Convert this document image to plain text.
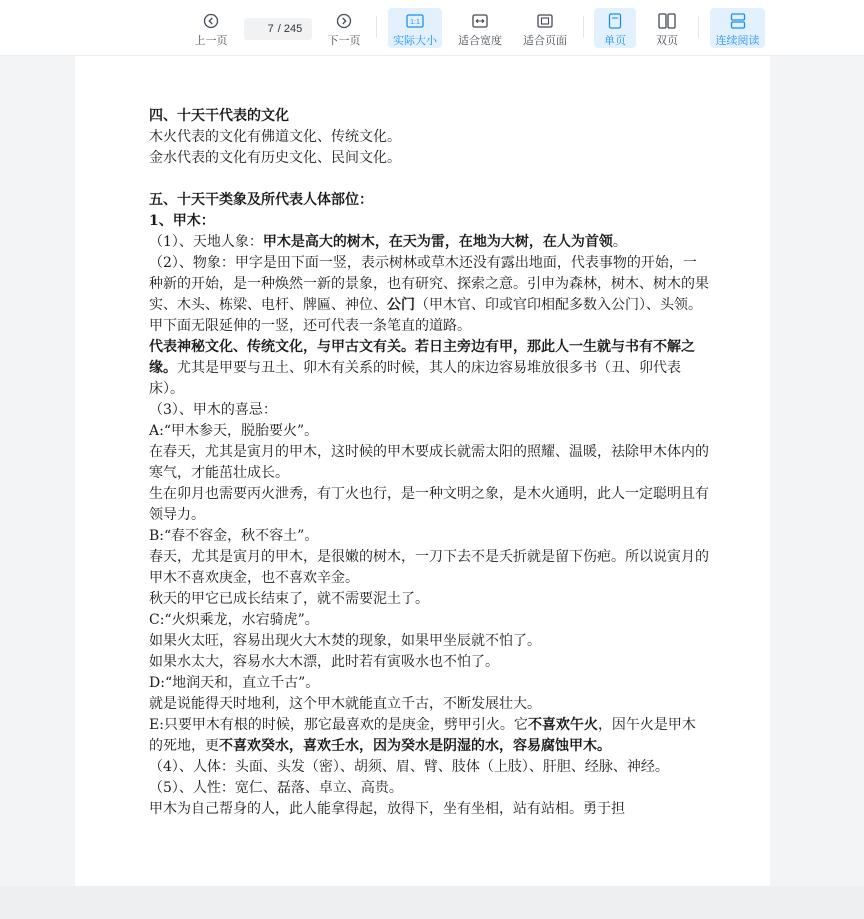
上一页
7
/ 245
下一页
1:1
实际大小 适合宽度 适合页面	单页	双页	连续阅读

四、十天干代表的文化

木火代表的文化有佛道文化、传统文化。

金水代表的文化有历史文化、民间文化。

五、十天干类象及所代表人体部位：

1、甲木：

（1）、天地人象：甲木是高大的树木，在天为雷，在地为大树，在人为首领。

（2）、物象：甲字是田下面一竖，表示树林或草木还没有露出地面，代表事物的开始，一种新的开始，是一种焕然一新的景象，也有研究、探索之意。引申为森林，树木、树木的果实、木头、栋梁、电杆、牌匾、神位、公门（甲木官、印或官印相配多数入公门）、头领。

甲下面无限延伸的一竖，还可代表一条笔直的道路。

代表神秘文化、传统文化，与甲古文有关。若日主旁边有甲，那此人一生就与书有不解之缘。尤其是甲要与丑土、卯木有关系的时候，其人的床边容易堆放很多书（丑、卯代表床）。

（3）、甲木的喜忌：

A:“甲木参天，脱胎要火”。

在春天，尤其是寅月的甲木，这时候的甲木要成长就需太阳的照耀、温暖，祛除甲木体内的寒气，才能茁壮成长。

生在卯月也需要丙火泄秀，有丁火也行，是一种文明之象，是木火通明，此人一定聪明且有领导力。

B:“春不容金，秋不容土”。

春天，尤其是寅月的甲木，是很嫩的树木，一刀下去不是夭折就是留下伤疤。所以说寅月的甲木不喜欢庚金，也不喜欢辛金。

秋天的甲它已成长结束了，就不需要泥土了。

C:“火炽乘龙，水宕骑虎”。

如果火太旺，容易出现火大木焚的现象，如果甲坐辰就不怕了。

如果水太大，容易水大木漂，此时若有寅吸水也不怕了。

D:“地润天和，直立千古”。

就是说能得天时地利，这个甲木就能直立千古，不断发展壮大。

E:只要甲木有根的时候，那它最喜欢的是庚金，劈甲引火。它不喜欢午火，因午火是甲木的死地，更不喜欢癸水，喜欢壬水，因为癸水是阴湿的水，容易腐蚀甲木。

（4）、人体：头面、头发（密）、胡须、眉、臂、肢体（上肢）、肝胆、经脉、神经。

（5）、人性：宽仁、磊落、卓立、高贵。

甲木为自己帮身的人，此人能拿得起，放得下，坐有坐相，站有站相。勇于担
